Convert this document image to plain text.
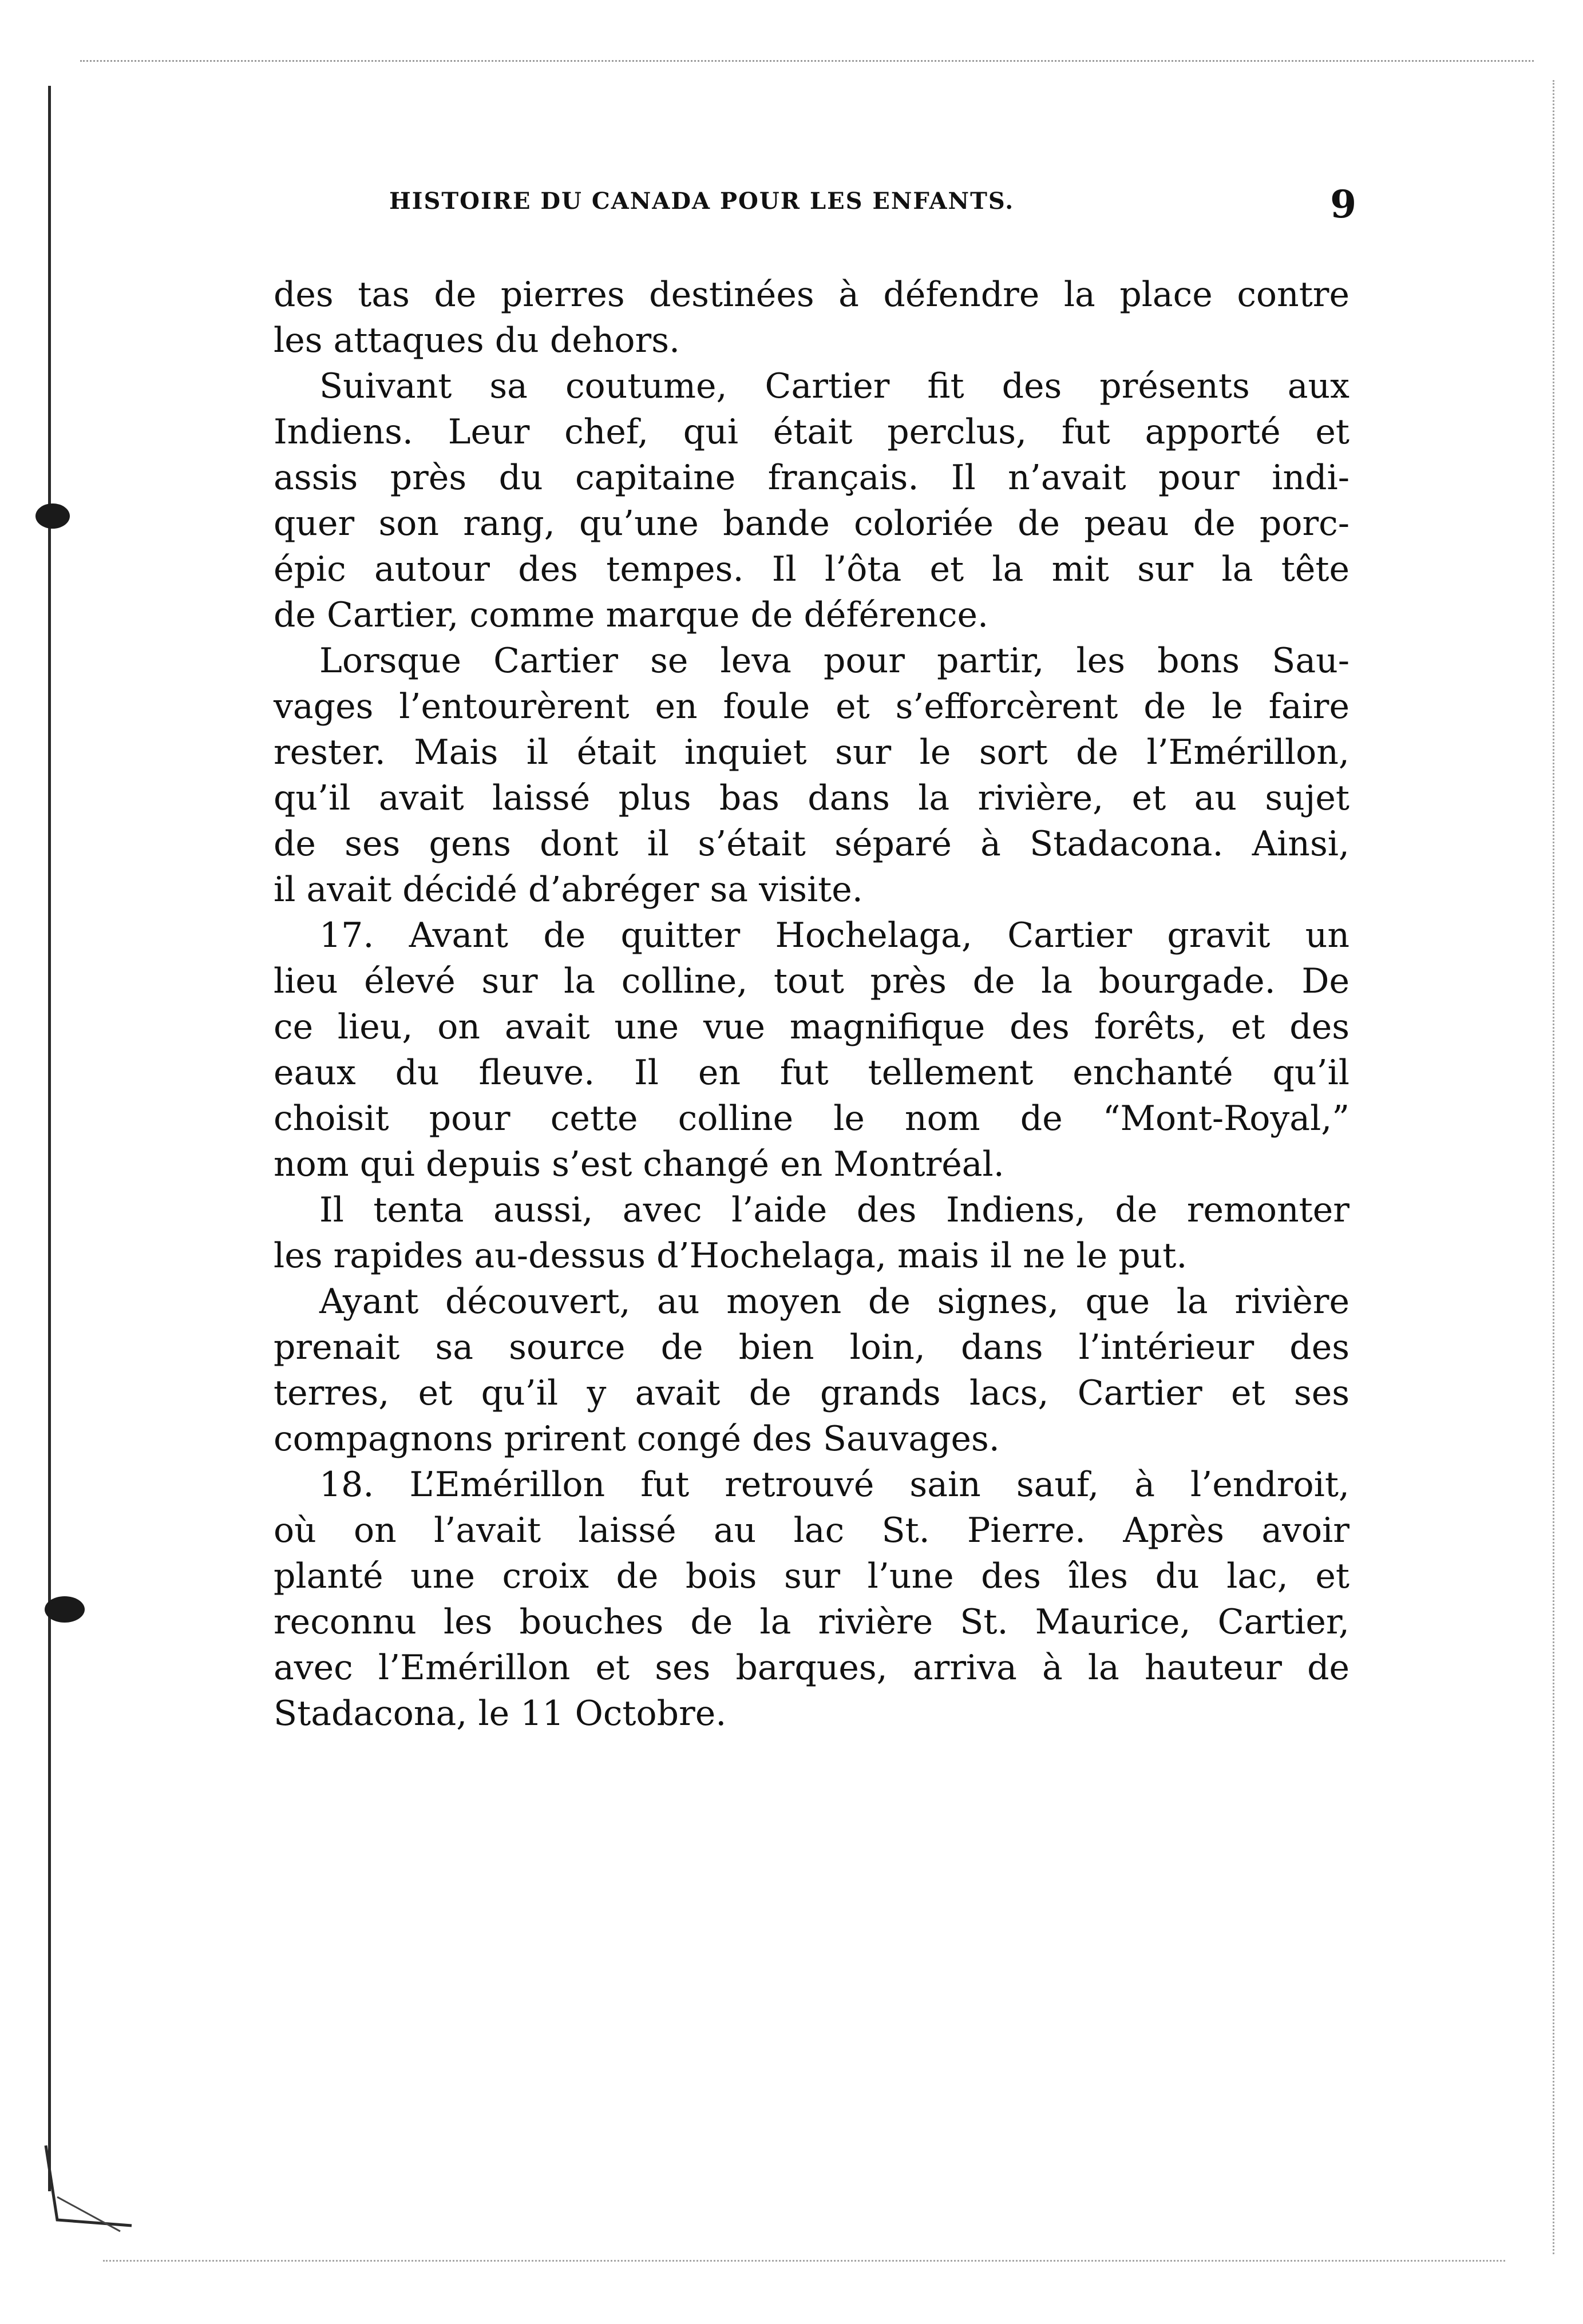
HISTOIRE DU CANADA POUR LES ENFANTS.	9
des tas de pierres destinées à défendre la place contre
les attaques du dehors.
Suivant sa coutume, Cartier fit des présents aux
Indiens. Leur chef, qui était perclus, fut apporté et
assis près du capitaine français. Il n’avait pour indi-
quer son rang, qu’une bande coloriée de peau de porc-
épic autour des tempes. Il l’ôta et la mit sur la tête
de Cartier, comme marque de déférence.
Lorsque Cartier se leva pour partir, les bons Sau-
vages l’entourèrent en foule et s’efforcèrent de le faire
rester. Mais il était inquiet sur le sort de l’Emérillon,
qu’il avait laissé plus bas dans la rivière, et au sujet
de ses gens dont il s’était séparé à Stadacona. Ainsi,
il avait décidé d’abréger sa visite.
17. Avant de quitter Hochelaga, Cartier gravit un
lieu élevé sur la colline, tout près de la bourgade. De
ce lieu, on avait une vue magnifique des forêts, et des
eaux du fleuve. Il en fut tellement enchanté qu’il
choisit pour cette colline le nom de “Mont-Royal,”
nom qui depuis s’est changé en Montréal.
Il tenta aussi, avec l’aide des Indiens, de remonter
les rapides au-dessus d’Hochelaga, mais il ne le put.
Ayant découvert, au moyen de signes, que la rivière
prenait sa source de bien loin, dans l’intérieur des
terres, et qu’il y avait de grands lacs, Cartier et ses
compagnons prirent congé des Sauvages.
18. L’Emérillon fut retrouvé sain sauf, à l’endroit,
où on l’avait laissé au lac St. Pierre. Après avoir
planté une croix de bois sur l’une des îles du lac, et
reconnu les bouches de la rivière St. Maurice, Cartier,
avec l’Emérillon et ses barques, arriva à la hauteur de
Stadacona, le 11 Octobre.
